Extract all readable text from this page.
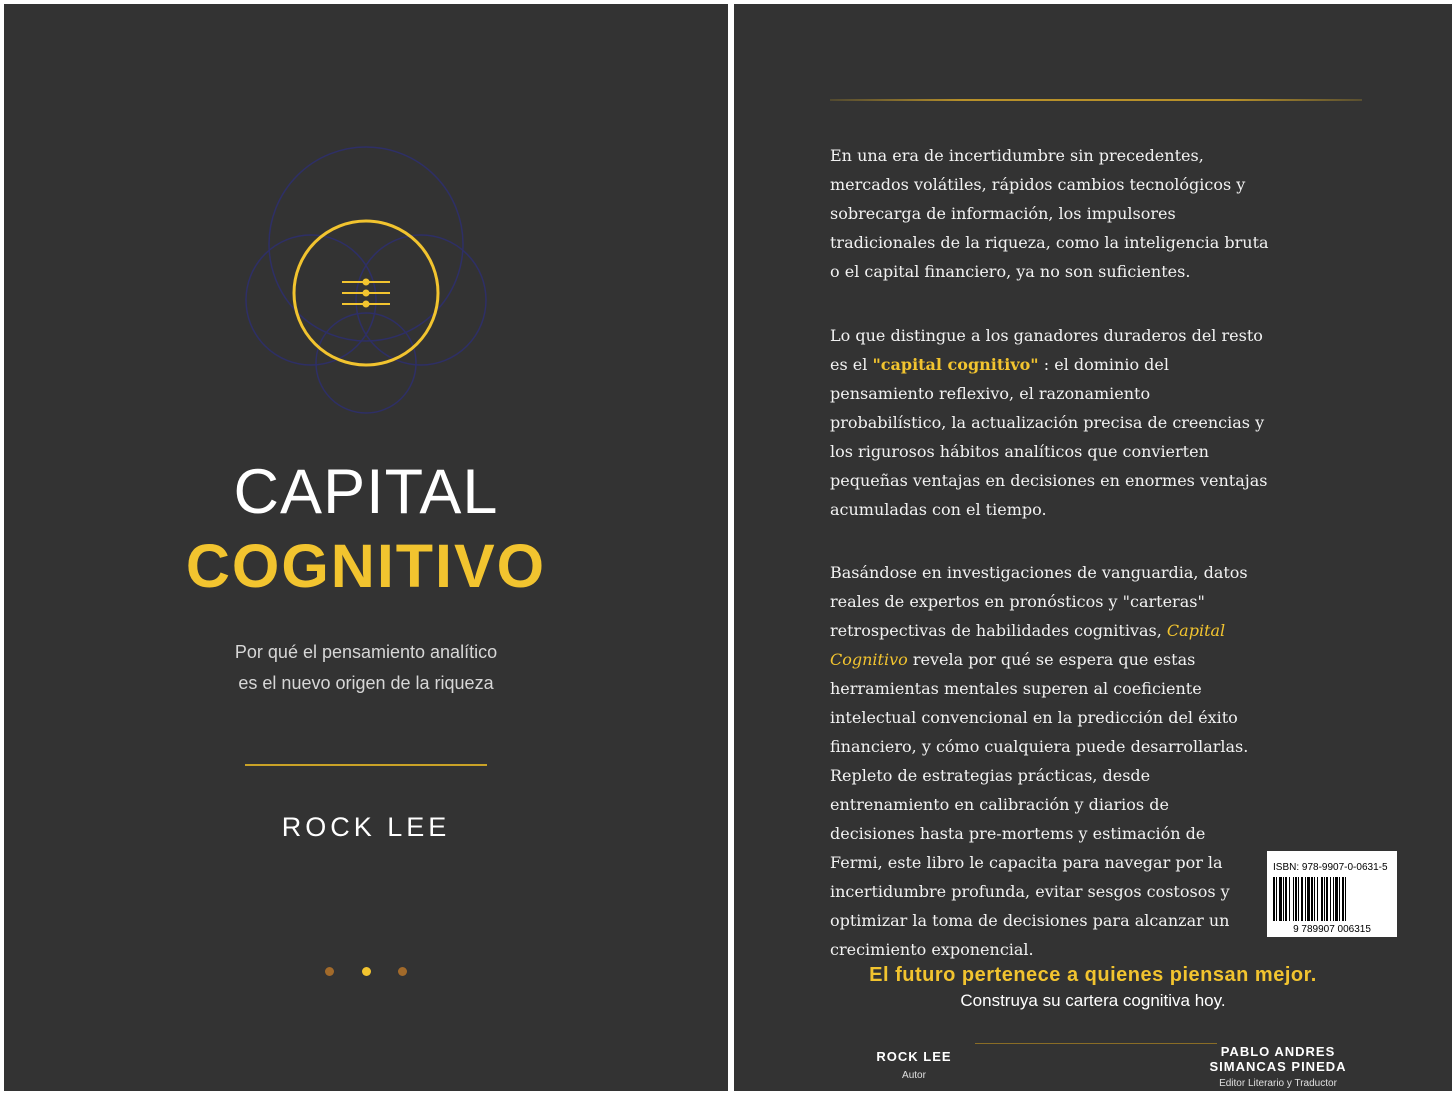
CAPITAL
COGNITIVO
Por qué el pensamiento analítico
es el nuevo origen de la riqueza
ROCK LEE

En una era de incertidumbre sin precedentes, mercados volátiles, rápidos cambios tecnológicos y sobrecarga de información, los impulsores tradicionales de la riqueza, como la inteligencia bruta o el capital financiero, ya no son suficientes.

Lo que distingue a los ganadores duraderos del resto es el "capital cognitivo" : el dominio del pensamiento reflexivo, el razonamiento probabilístico, la actualización precisa de creencias y los rigurosos hábitos analíticos que convierten pequeñas ventajas en decisiones en enormes ventajas acumuladas con el tiempo.

Basándose en investigaciones de vanguardia, datos reales de expertos en pronósticos y "carteras" retrospectivas de habilidades cognitivas, Capital Cognitivo revela por qué se espera que estas herramientas mentales superen al coeficiente intelectual convencional en la predicción del éxito financiero, y cómo cualquiera puede desarrollarlas.
Repleto de estrategias prácticas, desde entrenamiento en calibración y diarios de decisiones hasta pre-mortems y estimación de Fermi, este libro le capacita para navegar por la incertidumbre profunda, evitar sesgos costosos y optimizar la toma de decisiones para alcanzar un crecimiento exponencial.
ISBN: 978-9907-0-0631-5
9 789907 006315
El futuro pertenece a quienes piensan mejor.
Construya su cartera cognitiva hoy.
ROCK LEE
Autor
PABLO ANDRES
SIMANCAS PINEDA
Editor Literario y Traductor
